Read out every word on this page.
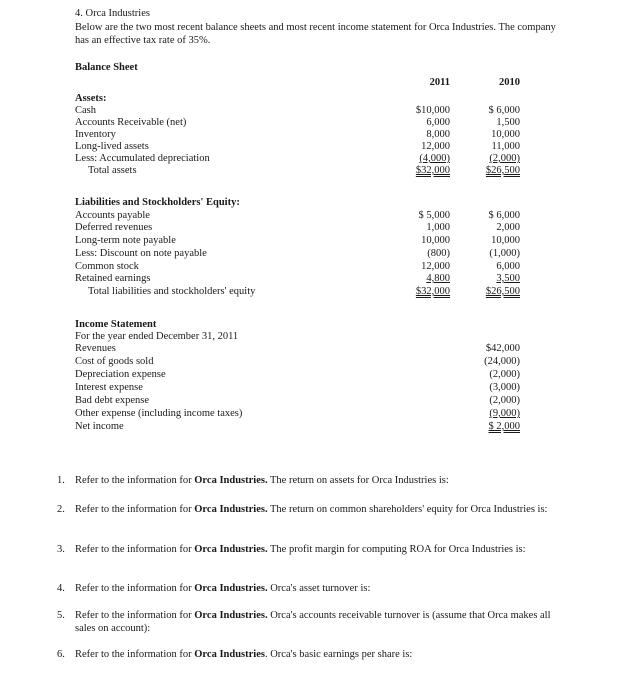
4. Orca Industries
Below are the two most recent balance sheets and most recent income statement for Orca Industries. The company has an effective tax rate of 35%.
Balance Sheet
2011	2010
Assets:
Cash	$10,000	$ 6,000
Accounts Receivable (net)	6,000	1,500
Inventory	8,000	10,000
Long-lived assets	12,000	11,000
Less: Accumulated depreciation	(4,000)	(2,000)
Total assets	$32,000	$26,500
Liabilities and Stockholders' Equity:
Accounts payable	$ 5,000	$ 6,000
Deferred revenues	1,000	2,000
Long-term note payable	10,000	10,000
Less: Discount on note payable	(800)	(1,000)
Common stock	12,000	6,000
Retained earnings	4,800	3,500
Total liabilities and stockholders' equity	$32,000	$26,500
Income Statement
For the year ended December 31, 2011
Revenues	$42,000
Cost of goods sold	(24,000)
Depreciation expense	(2,000)
Interest expense	(3,000)
Bad debt expense	(2,000)
Other expense (including income taxes)	(9,000)
Net income	$ 2,000
1. Refer to the information for Orca Industries. The return on assets for Orca Industries is:
2. Refer to the information for Orca Industries. The return on common shareholders' equity for Orca Industries is:
3. Refer to the information for Orca Industries. The profit margin for computing ROA for Orca Industries is:
4. Refer to the information for Orca Industries. Orca's asset turnover is:
5. Refer to the information for Orca Industries. Orca's accounts receivable turnover is (assume that Orca makes all sales on account):
6. Refer to the information for Orca Industries. Orca's basic earnings per share is:
